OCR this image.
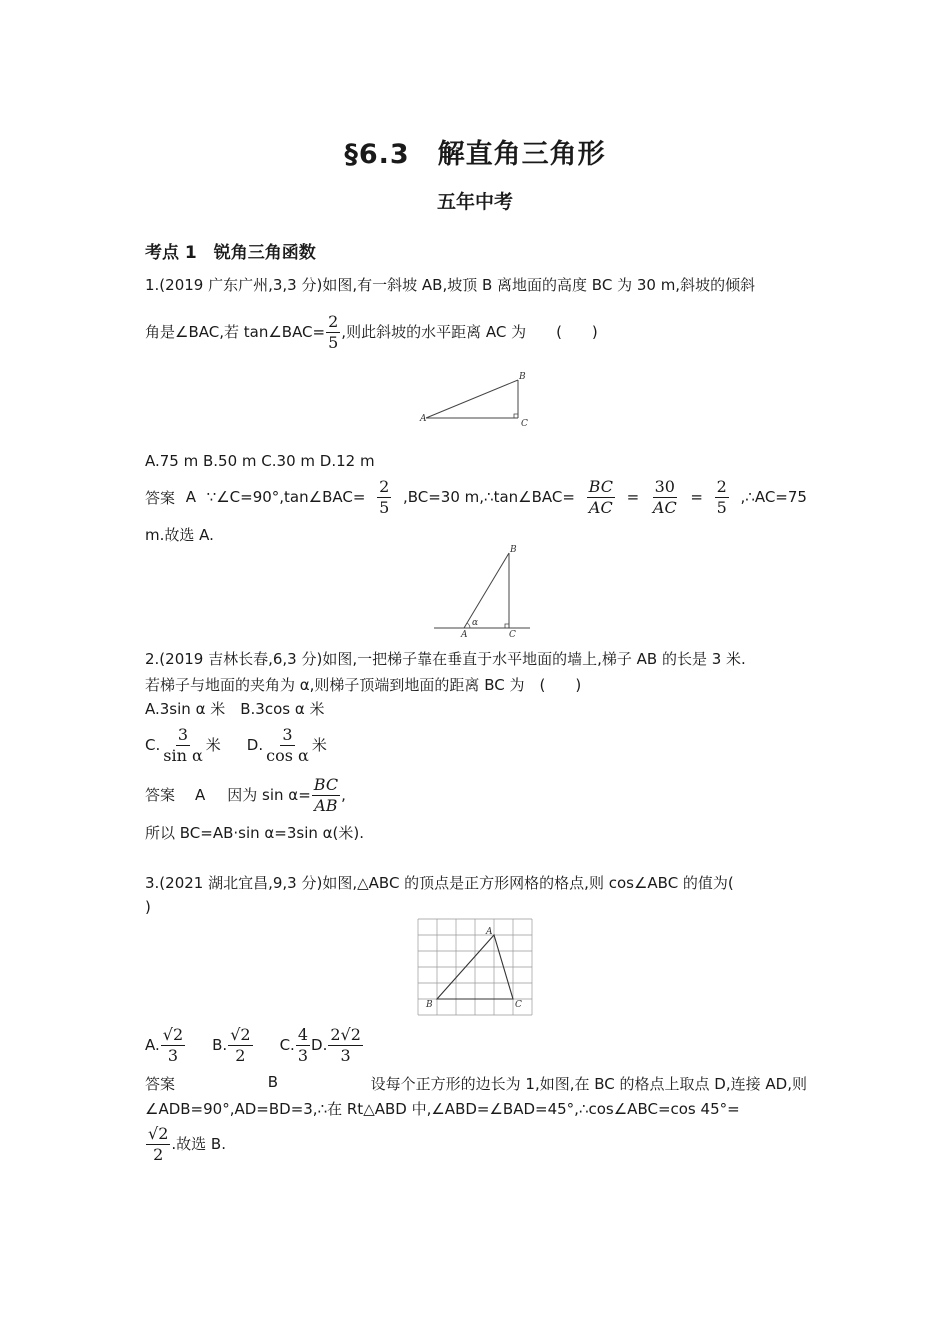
§6.3　解直角三角形
五年中考
考点 1　锐角三角函数
1.(2019 广东广州,3,3 分)如图,有一斜坡 AB,坡顶 B 离地面的高度 BC 为 30 m,斜坡的倾斜
角是∠BAC,若 tan∠BAC= $\frac{2}{5}$ ,则此斜坡的水平距离 AC 为　　(　　)
A
B
C
A.75 m B.50 m C.30 m D.12 m
答案 A ∵∠C=90°,tan∠BAC= $\frac{2}{5} ,BC=30$ m,∴tan∠BAC= $\frac{BC}{AC} = \frac{30}{AC} = \frac{2}{5}$ ,∴AC=75
m.故选 A.
A
B
C
α
2.(2019 吉林长春,6,3 分)如图,一把梯子靠在垂直于水平地面的墙上,梯子 AB 的长是 3 米.
若梯子与地面的夹角为 α,则梯子顶端到地面的距离 BC 为　(　　)
A.3sin α 米　B.3cos α 米
C. $\frac{3}{\text{sin α}}$ 米 D. $\frac{3}{\text{cos α}}$ 米
答案 A 因为 $\sin \alpha= \frac{BC}{AB}$ ,
所以 BC=AB·sin α=3sin α(米).
3.(2021 湖北宜昌,9,3 分)如图,△ABC 的顶点是正方形网格的格点,则 cos∠ABC 的值为(
)
A
B	C
A. $\frac{√2}{3} B$. $\frac{√2}{2} C$. $\frac{4}{3} D$. $\frac{2√2}{3}$
答案	B	设每个正方形的边长为 1,如图,在 BC 的格点上取点 D,连接 AD,则
∠ADB=90°,AD=BD=3,∴在 Rt△ABD 中,∠ABD=∠BAD=45°,∴cos∠ABC=cos 45°=
$\frac{√2}{2}$ .故选 B.
